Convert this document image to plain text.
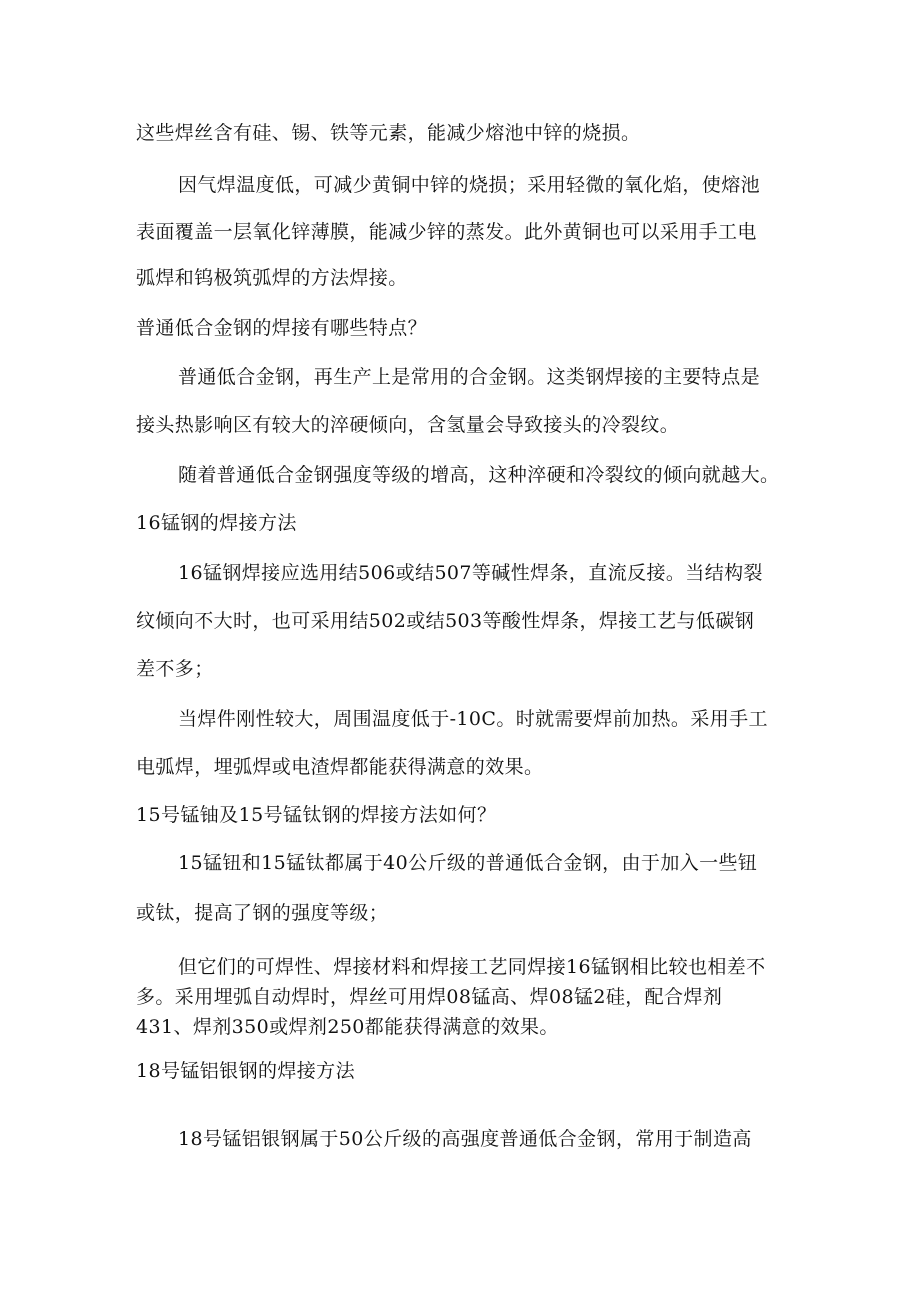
这些焊丝含有硅、锡、铁等元素，能减少熔池中锌的烧损。
因气焊温度低，可减少黄铜中锌的烧损；采用轻微的氧化焰，使熔池
表面覆盖一层氧化锌薄膜，能减少锌的蒸发。此外黄铜也可以采用手工电
弧焊和钨极筑弧焊的方法焊接。
普通低合金钢的焊接有哪些特点？
普通低合金钢，再生产上是常用的合金钢。这类钢焊接的主要特点是
接头热影响区有较大的淬硬倾向，含氢量会导致接头的冷裂纹。
随着普通低合金钢强度等级的增高，这种淬硬和冷裂纹的倾向就越大。
16锰钢的焊接方法
16锰钢焊接应选用结506或结507等碱性焊条，直流反接。当结构裂
纹倾向不大时，也可采用结502或结503等酸性焊条，焊接工艺与低碳钢
差不多；
当焊件刚性较大，周围温度低于-10C。时就需要焊前加热。采用手工
电弧焊，埋弧焊或电渣焊都能获得满意的效果。
15号锰铀及15号锰钛钢的焊接方法如何？
15锰钮和15锰钛都属于40公斤级的普通低合金钢，由于加入一些钮
或钛，提高了钢的强度等级；
但它们的可焊性、焊接材料和焊接工艺同焊接16锰钢相比较也相差不
多。采用埋弧自动焊时，焊丝可用焊08锰高、焊08锰2硅，配合焊剂
431、焊剂350或焊剂250都能获得满意的效果。
18号锰铝银钢的焊接方法
18号锰铝银钢属于50公斤级的高强度普通低合金钢，常用于制造高
